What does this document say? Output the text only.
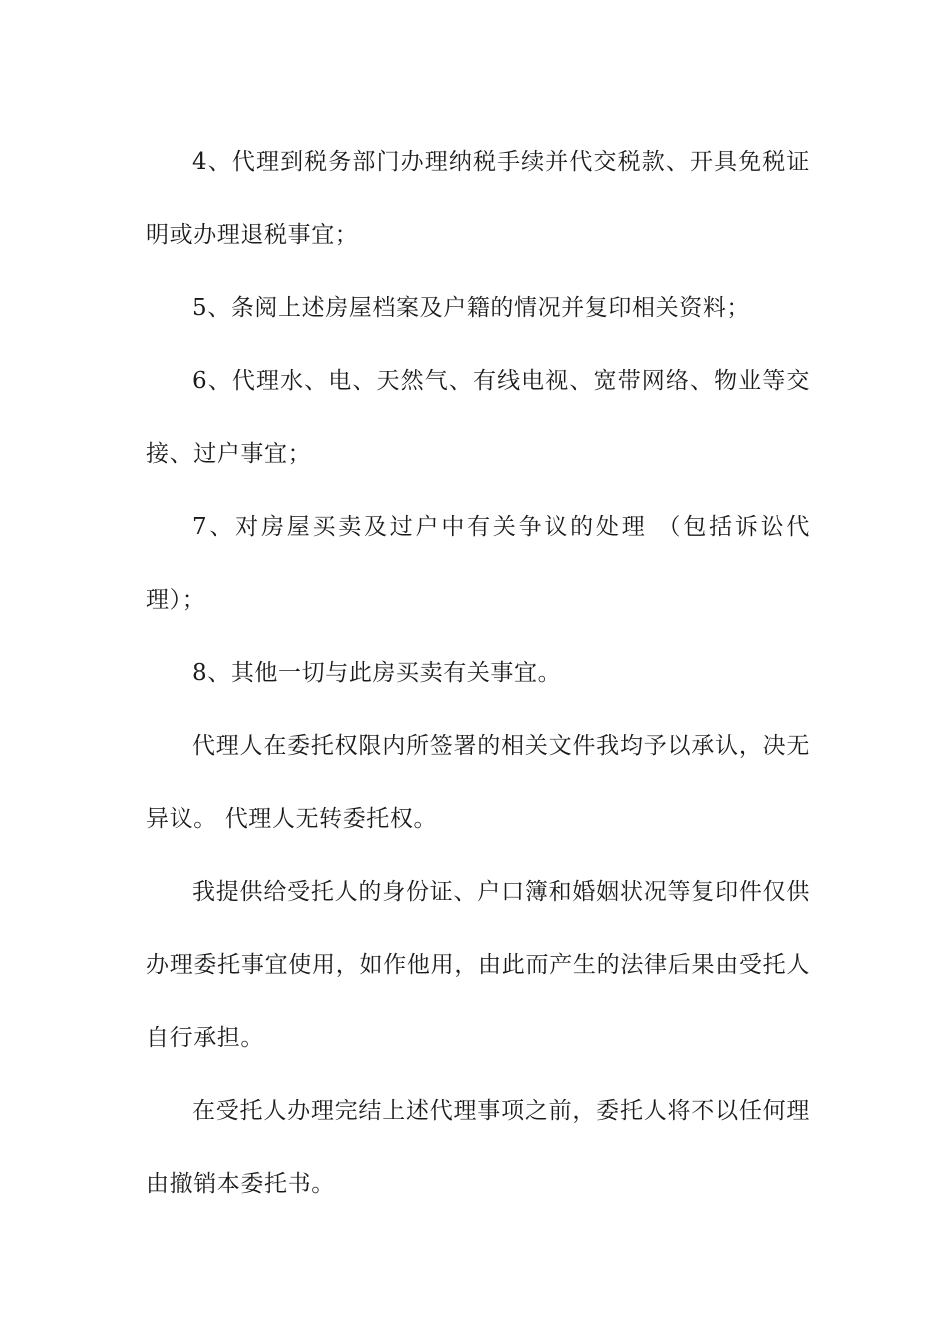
4、代理到税务部门办理纳税手续并代交税款、开具免税证明或办理退税事宜；

5、条阅上述房屋档案及户籍的情况并复印相关资料；

6、代理水、电、天然气、有线电视、宽带网络、物业等交接、过户事宜；

7、对房屋买卖及过户中有关争议的处理 （包括诉讼代理）；

8、其他一切与此房买卖有关事宜。

代理人在委托权限内所签署的相关文件我均予以承认，决无异议。 代理人无转委托权。

我提供给受托人的身份证、户口簿和婚姻状况等复印件仅供办理委托事宜使用，如作他用，由此而产生的法律后果由受托人自行承担。

在受托人办理完结上述代理事项之前，委托人将不以任何理由撤销本委托书。
